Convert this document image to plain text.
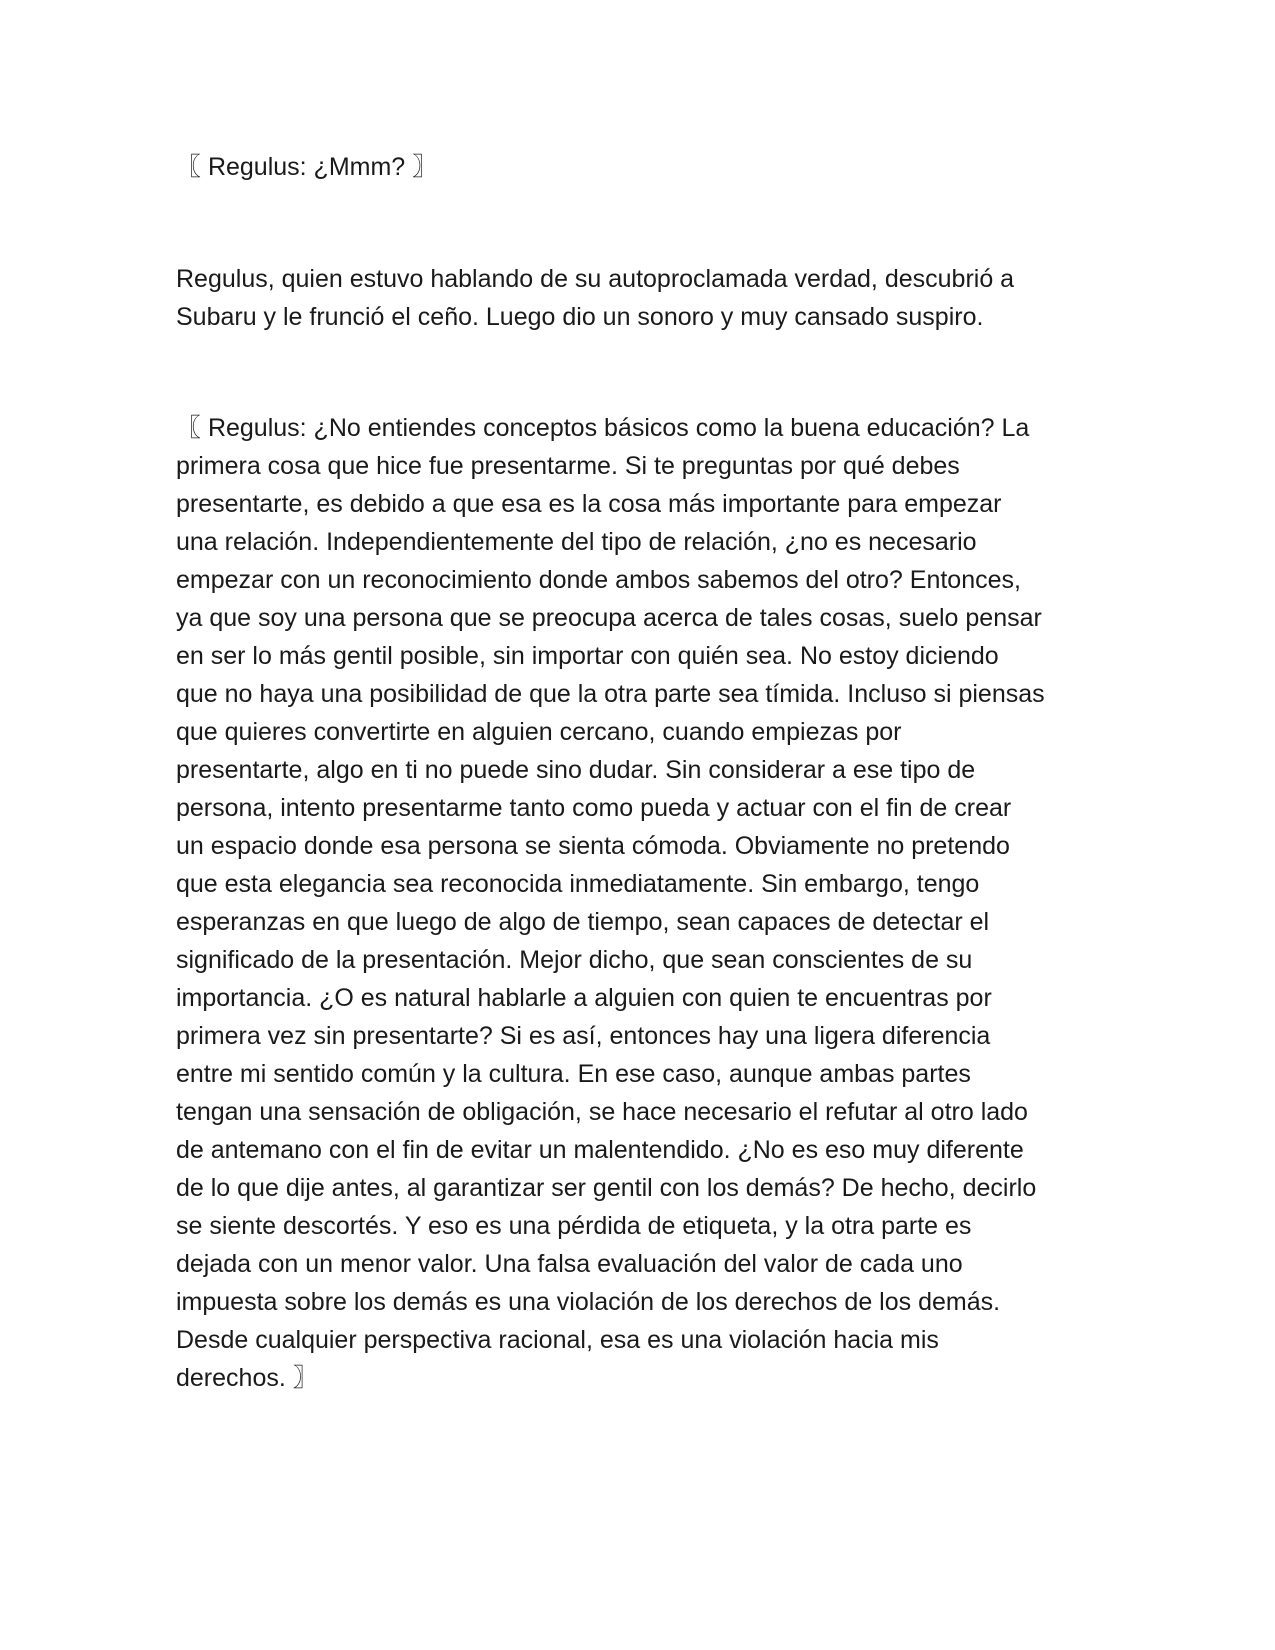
〖 Regulus: ¿Mmm? 〗

Regulus, quien estuvo hablando de su autoproclamada verdad, descubrió a
Subaru y le frunció el ceño. Luego dio un sonoro y muy cansado suspiro.

〖 Regulus: ¿No entiendes conceptos básicos como la buena educación? La
primera cosa que hice fue presentarme. Si te preguntas por qué debes
presentarte, es debido a que esa es la cosa más importante para empezar
una relación. Independientemente del tipo de relación, ¿no es necesario
empezar con un reconocimiento donde ambos sabemos del otro? Entonces,
ya que soy una persona que se preocupa acerca de tales cosas, suelo pensar
en ser lo más gentil posible, sin importar con quién sea. No estoy diciendo
que no haya una posibilidad de que la otra parte sea tímida. Incluso si piensas
que quieres convertirte en alguien cercano, cuando empiezas por
presentarte, algo en ti no puede sino dudar. Sin considerar a ese tipo de
persona, intento presentarme tanto como pueda y actuar con el fin de crear
un espacio donde esa persona se sienta cómoda. Obviamente no pretendo
que esta elegancia sea reconocida inmediatamente. Sin embargo, tengo
esperanzas en que luego de algo de tiempo, sean capaces de detectar el
significado de la presentación. Mejor dicho, que sean conscientes de su
importancia. ¿O es natural hablarle a alguien con quien te encuentras por
primera vez sin presentarte? Si es así, entonces hay una ligera diferencia
entre mi sentido común y la cultura. En ese caso, aunque ambas partes
tengan una sensación de obligación, se hace necesario el refutar al otro lado
de antemano con el fin de evitar un malentendido. ¿No es eso muy diferente
de lo que dije antes, al garantizar ser gentil con los demás? De hecho, decirlo
se siente descortés. Y eso es una pérdida de etiqueta, y la otra parte es
dejada con un menor valor. Una falsa evaluación del valor de cada uno
impuesta sobre los demás es una violación de los derechos de los demás.
Desde cualquier perspectiva racional, esa es una violación hacia mis
derechos. 〗
